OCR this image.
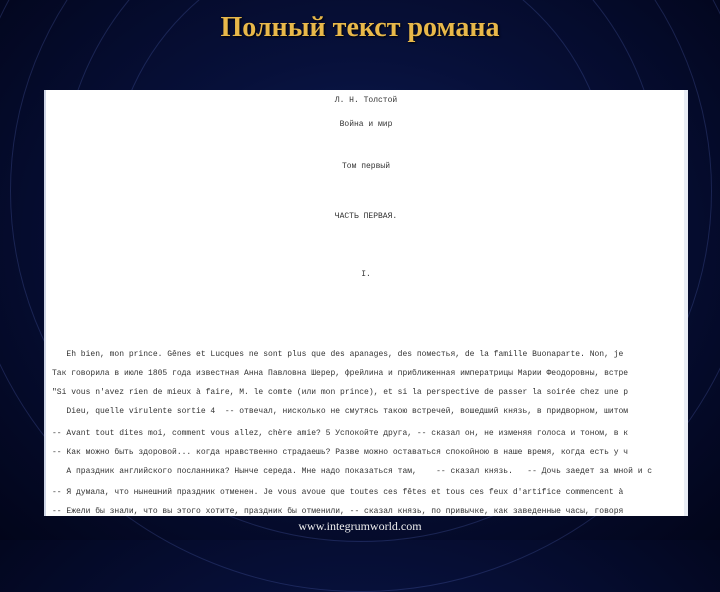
Полный текст романа
Л. Н. Толстой
Война и мир
Том первый
ЧАСТЬ ПЕРВАЯ.
I.
Eh bien, mon prince. Gênes et Lucques ne sont plus que des apanages, des поместья, de la famille Buonaparte. Non, je
Так говорила в июле 1805 года известная Анна Павловна Шерер, фрейлина и приближенная императрицы Марии Феодоровны, встре
"Si vous n'avez rien de mieux à faire, M. le comte (или mon prince), et si la perspective de passer la soirée chez une p
Dieu, quelle virulente sortie 4  -- отвечал, нисколько не смутясь такою встречей, вошедший князь, в придворном, шитом
-- Avant tout dites moi, comment vous allez, chère amie? 5 Успокойте друга, -- сказал он, не изменяя голоса и тоном, в к
-- Как можно быть здоровой... когда нравственно страдаешь? Разве можно оставаться спокойною в наше время, когда есть у ч
А праздник английского посланника? Нынче середа. Мне надо показаться там,    -- сказал князь.   -- Дочь заедет за мной и с
-- Я думала, что нынешний праздник отменен. Je vous avoue que toutes ces fêtes et tous ces feux d'artifice commencent à
-- Ежели бы знали, что вы этого хотите, праздник бы отменили, -- сказал князь, по привычке, как заведенные часы, говоря
www.integrumworld.com
